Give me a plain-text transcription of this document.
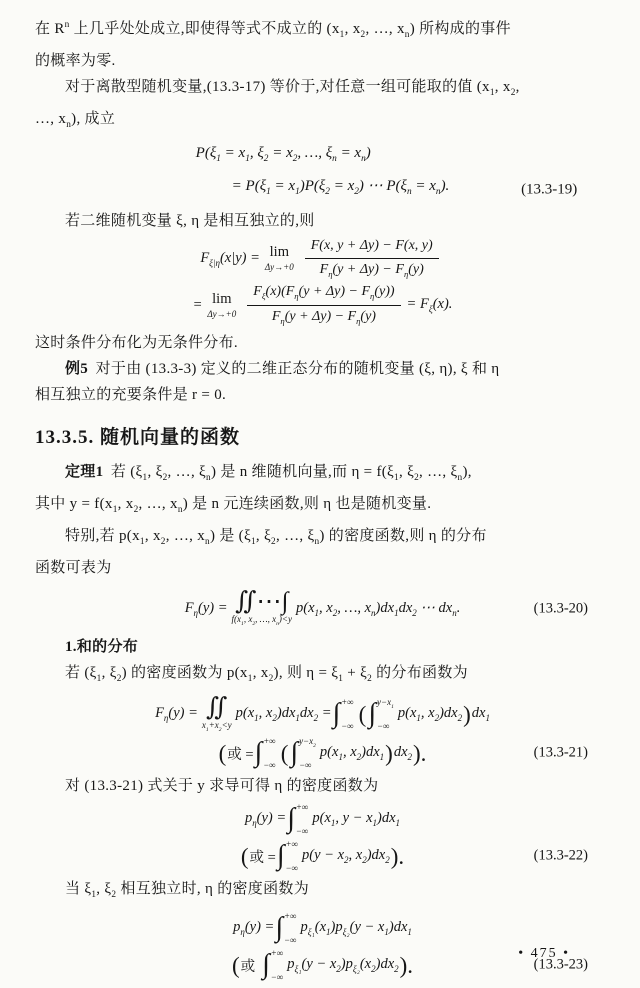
在 $R^n$ 上几乎处处成立,即使得等式不成立的 ($x_1$, $x_2$, …, $x_n$) 所构成的事件

的概率为零.

对于离散型随机变量,(13.3-17) 等价于,对任意一组可能取的值 ($x_1$, $x_2$,

…, $x_n$), 成立

$P(\xi_1 = x_1$, $\xi_2 = x_2$, …, $\xi_n = x_n$)
= $P(\xi_1 = x_1)P(\xi_2 = x_2)$ ⋯ $P(\xi_n = x_n)$.	(13.3-19)

若二维随机变量 ξ, η 是相互独立的,则

$F_{\xi|\eta}(x|y) = \lim$
$\Delta y\to+0 \frac{F(x, y + \Delta y) - F(x, y)}{F_\eta(y + \Delta y) - F_\eta(y)}$
= lim
$\Delta y\to+0 \frac{F_\xi(x)(F_\eta(y + \Delta y) - F_\eta(y))}{F_\eta(y + \Delta y) - F_\eta(y)} = F_\xi(x)$.

这时条件分布化为无条件分布.

例5 对于由 (13.3-3) 定义的二维正态分布的随机变量 (ξ, η), ξ 和 η

相互独立的充要条件是 r = 0.

13.3.5. 随机向量的函数

定理1 若 ($\xi_1$, $\xi_2$, …, $\xi_n$) 是 n 维随机向量,而 $\eta = f(\xi_1$, $\xi_2$, …, $\xi_n$),

其中 $y = f(x_1$, $x_2$, …, $x_n$) 是 n 元连续函数,则 η 也是随机变量.

特别,若 $p(x_1$, $x_2$, …, $x_n$) 是 ($\xi_1$, $\xi_2$, …, $\xi_n$) 的密度函数,则 η 的分布

函数可表为

$F_\eta(y)$ = ∬⋯∫
$f(x_1$, $x_2$, …, $x_n)<y$
$p(x_1$, $x_2$, …, $x_n)dx_1dx_2$ ⋯ $dx_n$.	(13.3-20)

1.和的分布

若 ($\xi_1$, $\xi_2$) 的密度函数为 $p(x_1$, $x_2$), 则 $\eta = \xi_1 + \xi_2$ 的分布函数为

$F_\eta(y)$ = ∬
$x_1+x_2<y$
$p(x_1$, $x_2)dx_1dx_2$ = ∫ +∞
−∞ ( ∫ $y-x_1$
−∞
$p(x_1$, $x_2)dx_2$ ) $dx_1$
( 或 = ∫ +∞
−∞ ( ∫ $y-x_2$
−∞
$p(x_1$, $x_2)dx_1$ ) $dx_2$ ).	(13.3-21)

对 (13.3-21) 式关于 y 求导可得 η 的密度函数为

$p_\eta(y)$ = ∫ +∞
−∞
$p(x_1$, $y - x_1)dx_1$
( 或 = ∫ +∞
−∞
$p(y - x_2$, $x_2)dx_2$ ).	(13.3-22)

当 $\xi_1$, $\xi_2$ 相互独立时, η 的密度函数为

$p_\eta(y)$ = ∫ +∞
−∞
$p_{\xi_1}(x_1)p_{\xi_2}(y - x_1)dx_1$
( 或 ∫ +∞
−∞
$p_{\xi_1}(y - x_2)p_{\xi_2}(x_2)dx_2$ ).	(13.3-23)
• 475 •
